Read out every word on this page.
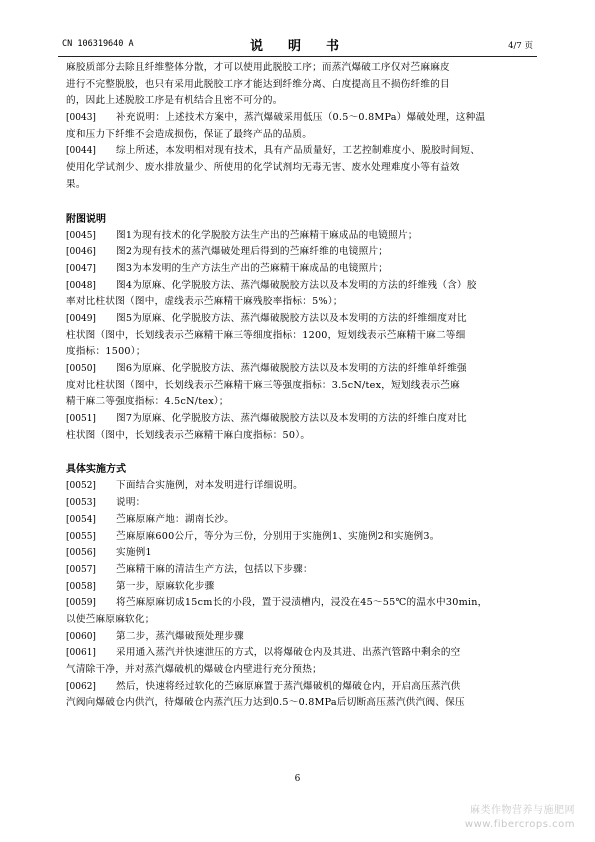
CN 106319640 A	说　明　书	4/7 页
麻胶质部分去除且纤维整体分散，才可以使用此脱胶工序；而蒸汽爆破工序仅对苎麻麻皮
进行不完整脱胶，也只有采用此脱胶工序才能达到纤维分离、白度提高且不损伤纤维的目
的，因此上述脱胶工序是有机结合且密不可分的。
[0043] 补充说明：上述技术方案中，蒸汽爆破采用低压（0.5～0.8MPa）爆破处理，这种温
度和压力下纤维不会造成损伤，保证了最终产品的品质。
[0044] 综上所述，本发明相对现有技术，具有产品质量好，工艺控制难度小、脱胶时间短、
使用化学试剂少、废水排放量少、所使用的化学试剂均无毒无害、废水处理难度小等有益效
果。
附图说明
[0045] 图1为现有技术的化学脱胶方法生产出的苎麻精干麻成品的电镜照片；
[0046] 图2为现有技术的蒸汽爆破处理后得到的苎麻纤维的电镜照片；
[0047] 图3为本发明的生产方法生产出的苎麻精干麻成品的电镜照片；
[0048] 图4为原麻、化学脱胶方法、蒸汽爆破脱胶方法以及本发明的方法的纤维残（含）胶
率对比柱状图（图中，虚线表示苎麻精干麻残胶率指标：5%）；
[0049] 图5为原麻、化学脱胶方法、蒸汽爆破脱胶方法以及本发明的方法的纤维细度对比
柱状图（图中，长划线表示苎麻精干麻三等细度指标：1200，短划线表示苎麻精干麻二等细
度指标：1500）；
[0050] 图6为原麻、化学脱胶方法、蒸汽爆破脱胶方法以及本发明的方法的纤维单纤维强
度对比柱状图（图中，长划线表示苎麻精干麻三等强度指标：3.5cN/tex，短划线表示苎麻
精干麻二等强度指标：4.5cN/tex）；
[0051] 图7为原麻、化学脱胶方法、蒸汽爆破脱胶方法以及本发明的方法的纤维白度对比
柱状图（图中，长划线表示苎麻精干麻白度指标：50）。
具体实施方式
[0052] 下面结合实施例，对本发明进行详细说明。
[0053] 说明：
[0054] 苎麻原麻产地：湖南长沙。
[0055] 苎麻原麻600公斤，等分为三份，分别用于实施例1、实施例2和实施例3。
[0056] 实施例1
[0057] 苎麻精干麻的清洁生产方法，包括以下步骤：
[0058] 第一步，原麻软化步骤
[0059] 将苎麻原麻切成15cm长的小段，置于浸渍槽内，浸没在45～55℃的温水中30min，
以使苎麻原麻软化；
[0060] 第二步，蒸汽爆破预处理步骤
[0061] 采用通入蒸汽并快速泄压的方式，以将爆破仓内及其进、出蒸汽管路中剩余的空
气清除干净，并对蒸汽爆破机的爆破仓内壁进行充分预热；
[0062] 然后，快速将经过软化的苎麻原麻置于蒸汽爆破机的爆破仓内，开启高压蒸汽供
汽阀向爆破仓内供汽，待爆破仓内蒸汽压力达到0.5～0.8MPa后切断高压蒸汽供汽阀、保压
6
麻类作物营养与施肥网
www.fibercrops.com
